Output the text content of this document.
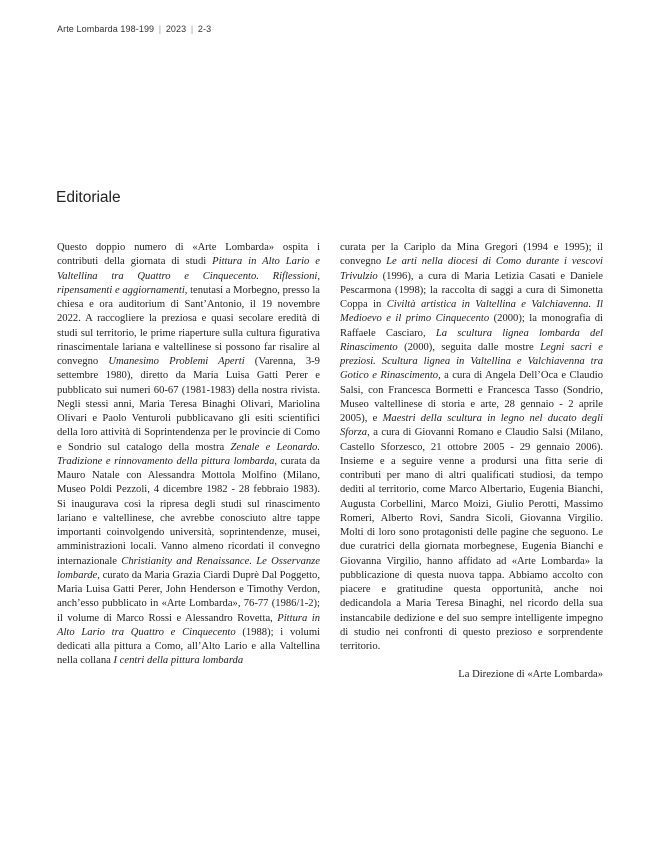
Arte Lombarda 198-199 | 2023 | 2-3
Editoriale

Questo doppio numero di «Arte Lombarda» ospita i contributi della giornata di studi Pittura in Alto Lario e Valtellina tra Quattro e Cinquecento. Riflessioni, ripensamenti e aggiornamenti, tenutasi a Morbegno, presso la chiesa e ora auditorium di Sant’Antonio, il 19 novembre 2022. A raccogliere la preziosa e quasi secolare eredità di studi sul territorio, le prime riaperture sulla cultura figurativa rinascimentale lariana e valtellinese si possono far risalire al convegno Umanesimo Problemi Aperti (Varenna, 3-9 settembre 1980), diretto da Maria Luisa Gatti Perer e pubblicato sui numeri 60-67 (1981-1983) della nostra rivista. Negli stessi anni, Maria Teresa Binaghi Olivari, Mariolina Olivari e Paolo Venturoli pubblicavano gli esiti scientifici della loro attività di Soprintendenza per le provincie di Como e Sondrio sul catalogo della mostra Zenale e Leonardo. Tradizione e rinnovamento della pittura lombarda, curata da Mauro Natale con Alessandra Mottola Molfino (Milano, Museo Poldi Pezzoli, 4 dicembre 1982 - 28 febbraio 1983). Si inaugurava così la ripresa degli studi sul rinascimento lariano e valtellinese, che avrebbe conosciuto altre tappe importanti coinvolgendo università, soprintendenze, musei, amministrazioni locali. Vanno almeno ricordati il convegno internazionale Christianity and Renaissance. Le Osservanze lombarde, curato da Maria Grazia Ciardi Duprè Dal Poggetto, Maria Luisa Gatti Perer, John Henderson e Timothy Verdon, anch’esso pubblicato in «Arte Lombarda», 76-77 (1986/1-2); il volume di Marco Rossi e Alessandro Rovetta, Pittura in Alto Lario tra Quattro e Cinquecento (1988); i volumi dedicati alla pittura a Como, all’Alto Lario e alla Valtellina nella collana I centri della pittura lombarda

curata per la Cariplo da Mina Gregori (1994 e 1995); il convegno Le arti nella diocesi di Como durante i vescovi Trivulzio (1996), a cura di Maria Letizia Casati e Daniele Pescarmona (1998); la raccolta di saggi a cura di Simonetta Coppa in Civiltà artistica in Valtellina e Valchiavenna. Il Medioevo e il primo Cinquecento (2000); la monografia di Raffaele Casciaro, La scultura lignea lombarda del Rinascimento (2000), seguita dalle mostre Legni sacri e preziosi. Scultura lignea in Valtellina e Valchiavenna tra Gotico e Rinascimento, a cura di Angela Dell’Oca e Claudio Salsi, con Francesca Bormetti e Francesca Tasso (Sondrio, Museo valtellinese di storia e arte, 28 gennaio - 2 aprile 2005), e Maestri della scultura in legno nel ducato degli Sforza, a cura di Giovanni Romano e Claudio Salsi (Milano, Castello Sforzesco, 21 ottobre 2005 - 29 gennaio 2006). Insieme e a seguire venne a prodursi una fitta serie di contributi per mano di altri qualificati studiosi, da tempo dediti al territorio, come Marco Albertario, Eugenia Bianchi, Augusta Corbellini, Marco Moizi, Giulio Perotti, Massimo Romeri, Alberto Rovi, Sandra Sicoli, Giovanna Virgilio. Molti di loro sono protagonisti delle pagine che seguono. Le due curatrici della giornata morbegnese, Eugenia Bianchi e Giovanna Virgilio, hanno affidato ad «Arte Lombarda» la pubblicazione di questa nuova tappa. Abbiamo accolto con piacere e gratitudine questa opportunità, anche noi dedicandola a Maria Teresa Binaghi, nel ricordo della sua instancabile dedizione e del suo sempre intelligente impegno di studio nei confronti di questo prezioso e sorprendente territorio.

La Direzione di «Arte Lombarda»
